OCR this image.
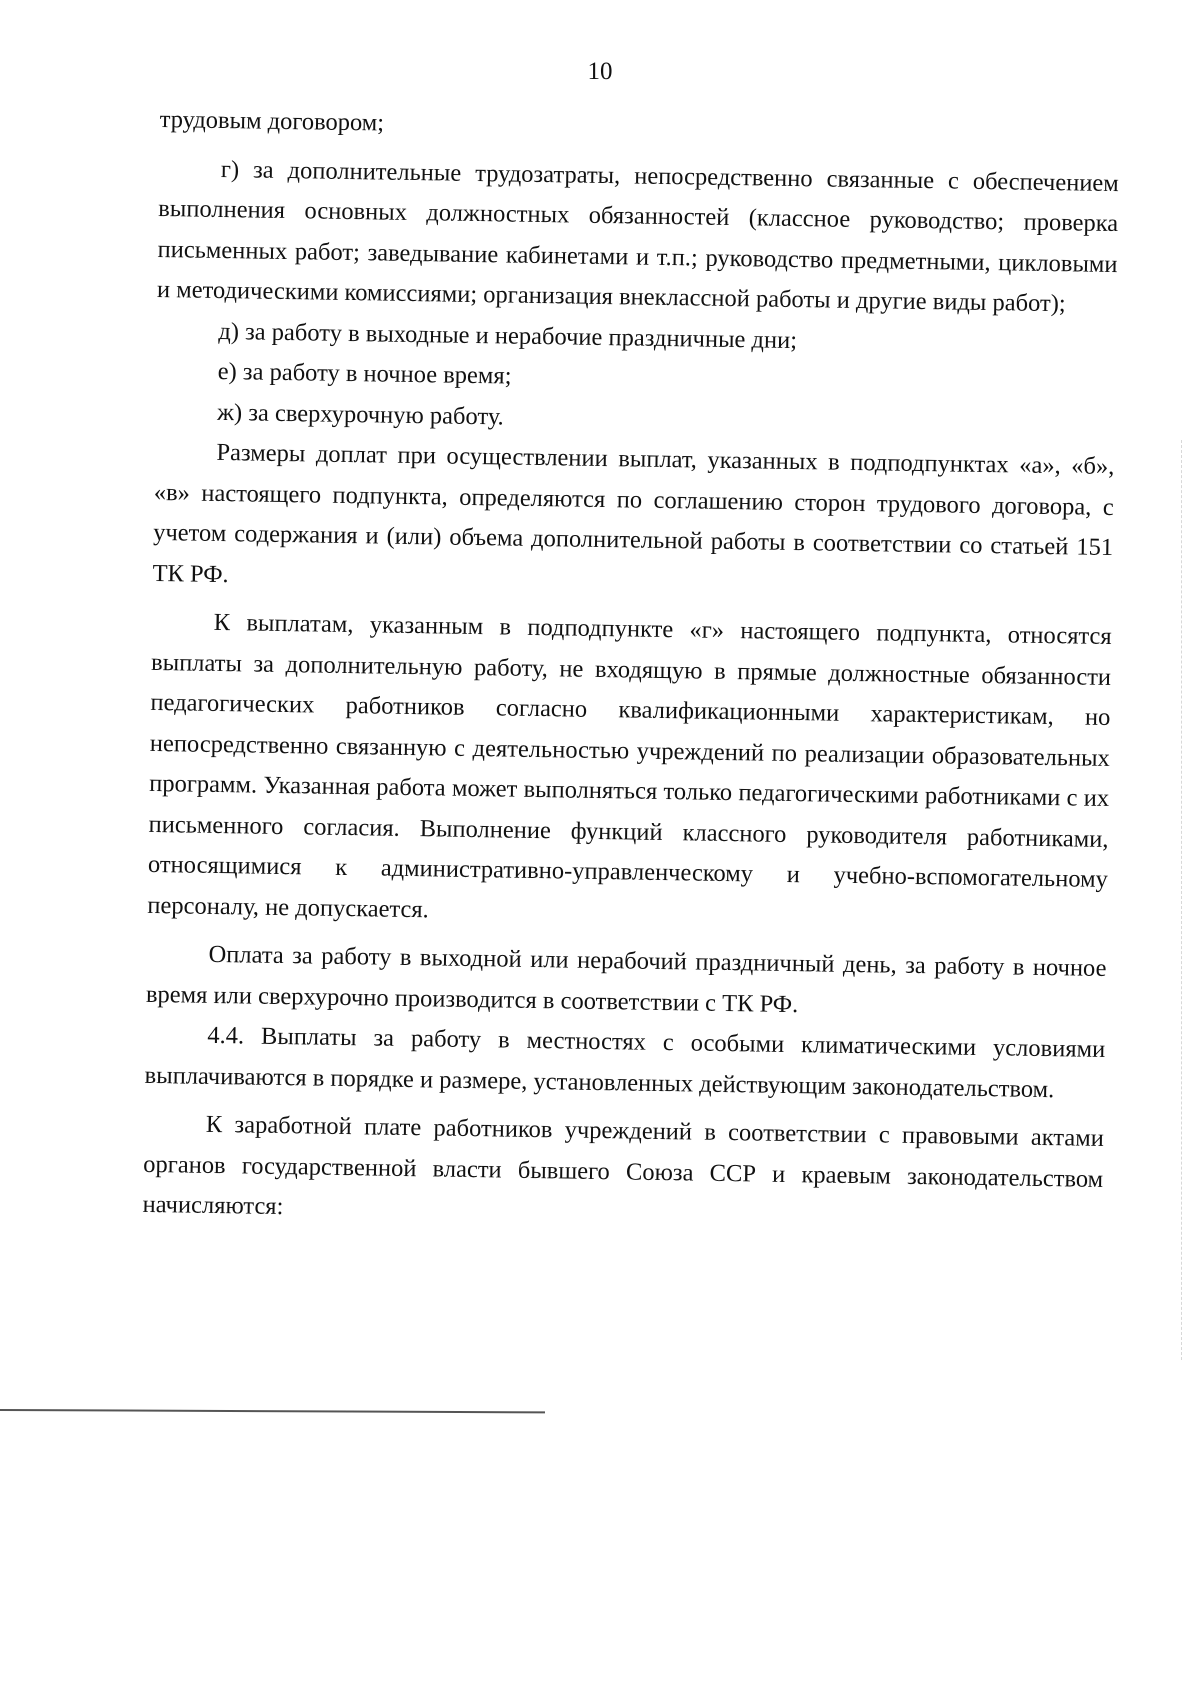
10

трудовым договором;

г) за дополнительные трудозатраты, непосредственно связанные с обеспечением выполнения основных должностных обязанностей (классное руководство; проверка письменных работ; заведывание кабинетами и т.п.; руководство предметными, цикловыми и методическими комиссиями; организация внеклассной работы и другие виды работ);

д) за работу в выходные и нерабочие праздничные дни;

е) за работу в ночное время;

ж) за сверхурочную работу.

Размеры доплат при осуществлении выплат, указанных в подподпунктах «а», «б», «в» настоящего подпункта, определяются по соглашению сторон трудового договора, с учетом содержания и (или) объема дополнительной работы в соответствии со статьей 151 ТК РФ.

К выплатам, указанным в подподпункте «г» настоящего подпункта, относятся выплаты за дополнительную работу, не входящую в прямые должностные обязанности педагогических работников согласно квалификационными характеристикам, но непосредственно связанную с деятельностью учреждений по реализации образовательных программ. Указанная работа может выполняться только педагогическими работниками с их письменного согласия. Выполнение функций классного руководителя работниками, относящимися к административно-управленческому и учебно-вспомогательному персоналу, не допускается.

Оплата за работу в выходной или нерабочий праздничный день, за работу в ночное время или сверхурочно производится в соответствии с ТК РФ.

4.4. Выплаты за работу в местностях с особыми климатическими условиями выплачиваются в порядке и размере, установленных действующим законодательством.

К заработной плате работников учреждений в соответствии с правовыми актами органов государственной власти бывшего Союза ССР и краевым законодательством начисляются:
